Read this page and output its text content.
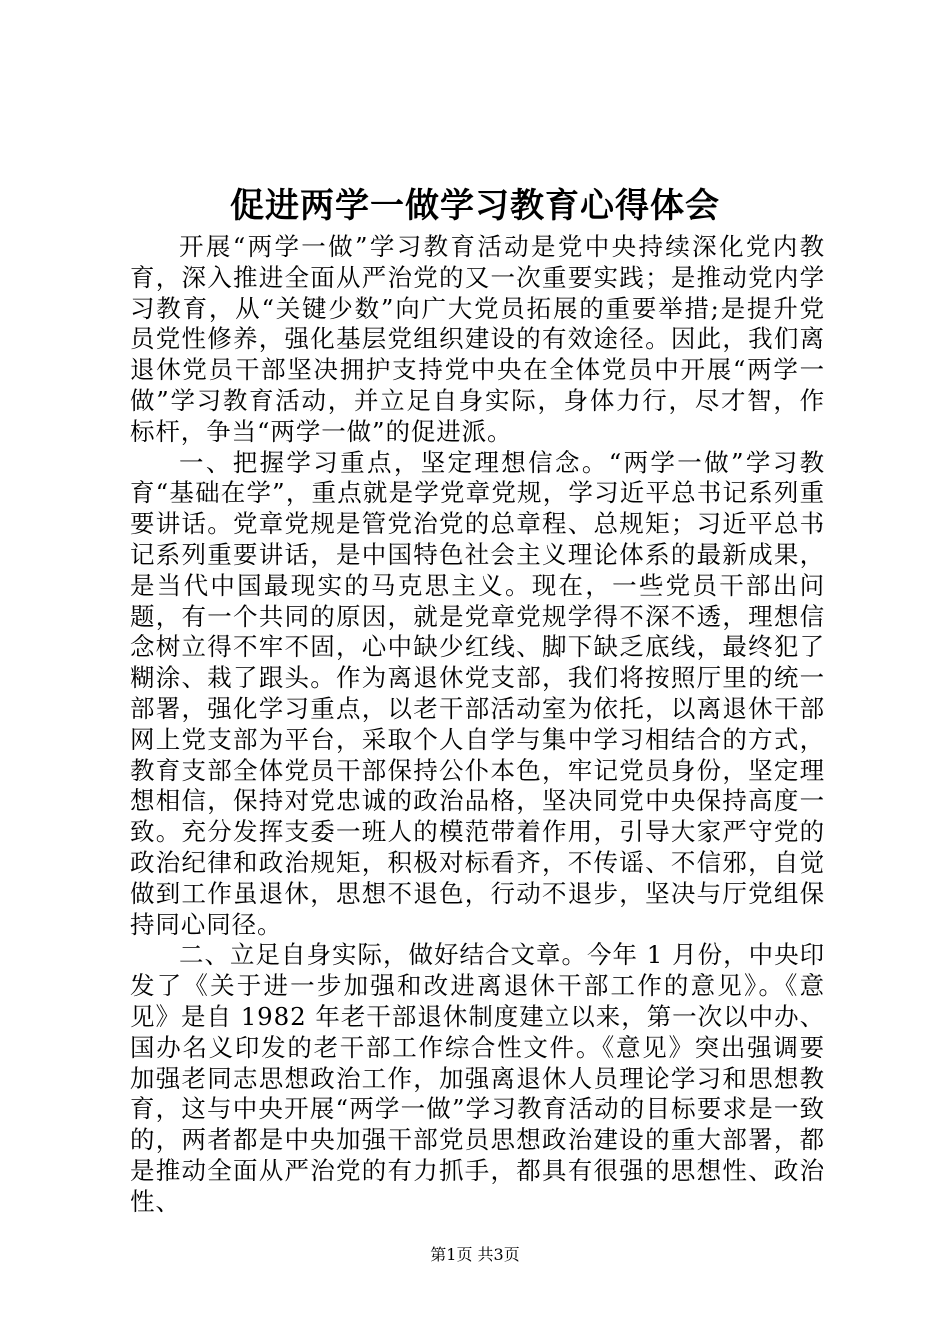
促进两学一做学习教育心得体会

开展“两学一做”学习教育活动是党中央持续深化党内教育，深入推进全面从严治党的又一次重要实践；是推动党内学习教育，从“关键少数”向广大党员拓展的重要举措;是提升党员党性修养，强化基层党组织建设的有效途径。因此，我们离退休党员干部坚决拥护支持党中央在全体党员中开展“两学一做”学习教育活动，并立足自身实际，身体力行，尽才智，作标杆，争当“两学一做”的促进派。

一、把握学习重点，坚定理想信念。“两学一做”学习教育“基础在学”，重点就是学党章党规，学习近平总书记系列重要讲话。党章党规是管党治党的总章程、总规矩；习近平总书记系列重要讲话，是中国特色社会主义理论体系的最新成果，是当代中国最现实的马克思主义。现在，一些党员干部出问题，有一个共同的原因，就是党章党规学得不深不透，理想信念树立得不牢不固，心中缺少红线、脚下缺乏底线，最终犯了糊涂、栽了跟头。作为离退休党支部，我们将按照厅里的统一部署，强化学习重点，以老干部活动室为依托，以离退休干部网上党支部为平台，采取个人自学与集中学习相结合的方式，教育支部全体党员干部保持公仆本色，牢记党员身份，坚定理想相信，保持对党忠诚的政治品格，坚决同党中央保持高度一致。充分发挥支委一班人的模范带着作用，引导大家严守党的政治纪律和政治规矩，积极对标看齐，不传谣、不信邪，自觉做到工作虽退休，思想不退色，行动不退步，坚决与厅党组保持同心同径。

二、立足自身实际，做好结合文章。今年 1 月份，中央印发了《关于进一步加强和改进离退休干部工作的意见》。《意见》是自 1982 年老干部退休制度建立以来，第一次以中办、国办名义印发的老干部工作综合性文件。《意见》突出强调要加强老同志思想政治工作，加强离退休人员理论学习和思想教育，这与中央开展“两学一做”学习教育活动的目标要求是一致的，两者都是中央加强干部党员思想政治建设的重大部署，都是推动全面从严治党的有力抓手，都具有很强的思想性、政治性、

第1页 共3页
